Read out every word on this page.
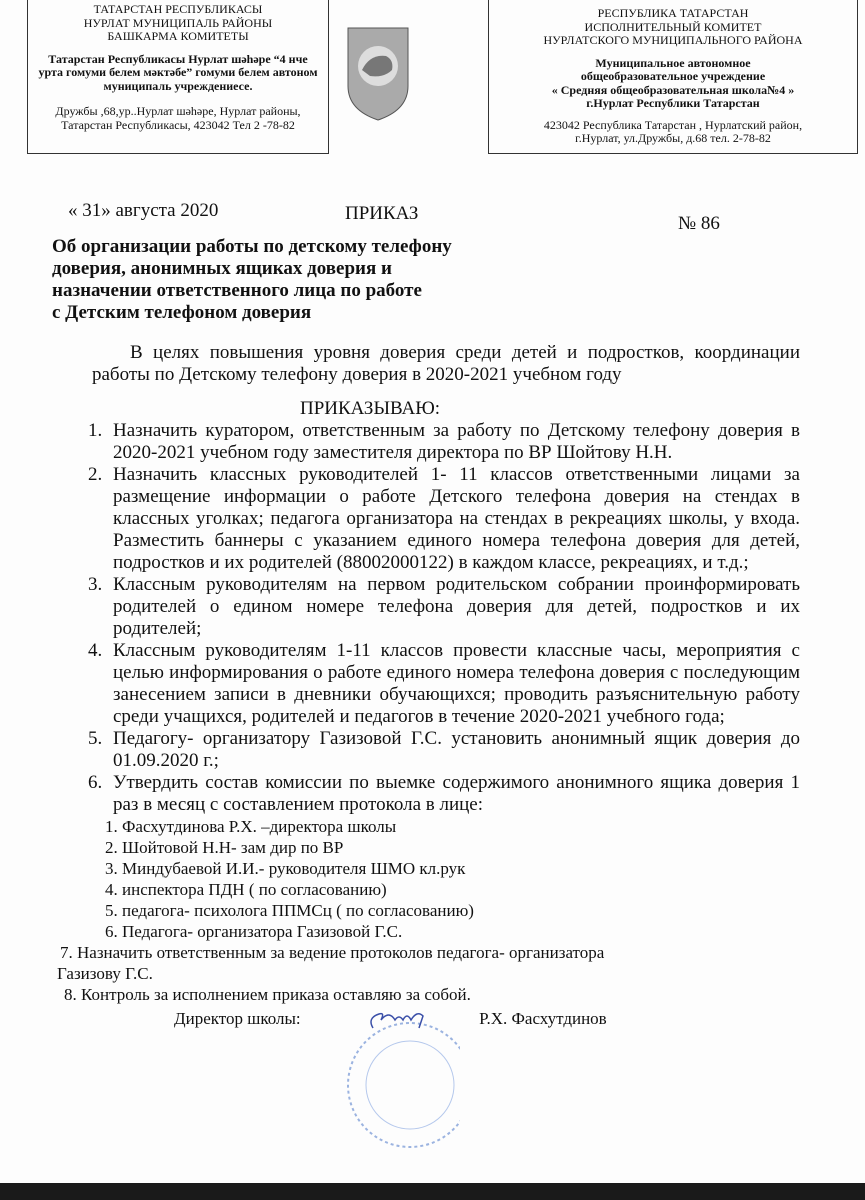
ТАТАРСТАН РЕСПУБЛИКАСЫ

НУРЛАТ МУНИЦИПАЛЬ РАЙОНЫ

БАШКАРМА КОМИТЕТЫ

Татарстан Республикасы Нурлат шәһәре “4 нче урта гомуми белем мәктәбе” гомуми белем автоном муниципаль учреждениесе.

Дружбы ,68,ур..Нурлат шәһәре, Нурлат районы,

Татарстан Республикасы, 423042 Тел 2 -78-82

РЕСПУБЛИКА ТАТАРСТАН

ИСПОЛНИТЕЛЬНЫЙ КОМИТЕТ

НУРЛАТСКОГО МУНИЦИПАЛЬНОГО РАЙОНА

Муниципальное автономное

общеобразовательное учреждение

« Средняя общеобразовательная школа№4 »

г.Нурлат Республики Татарстан

423042 Республика Татарстан , Нурлатский район,

г.Нурлат, ул.Дружбы, д.68 тел. 2-78-82

« 31» августа 2020	ПРИКАЗ	№ 86
Об организации работы по детскому телефону
доверия, анонимных ящиках доверия и
назначении ответственного лица по работе
с Детским телефоном доверия
В целях повышения уровня доверия среди детей и подростков, координации работы по Детскому телефону доверия в 2020-2021 учебном году
ПРИКАЗЫВАЮ:
1. Назначить куратором, ответственным за работу по Детскому телефону доверия в 2020-2021 учебном году заместителя директора по ВР Шойтову Н.Н.
2. Назначить классных руководителей 1- 11 классов ответственными лицами за размещение информации о работе Детского телефона доверия на стендах в классных уголках; педагога организатора на стендах в рекреациях школы, у входа. Разместить баннеры с указанием единого номера телефона доверия для детей, подростков и их родителей (88002000122) в каждом классе, рекреациях, и т.д.;
3. Классным руководителям на первом родительском собрании проинформировать родителей о едином номере телефона доверия для детей, подростков и их родителей;
4. Классным руководителям 1-11 классов провести классные часы, мероприятия с целью информирования о работе единого номера телефона доверия с последующим занесением записи в дневники обучающихся; проводить разъяснительную работу среди учащихся, родителей и педагогов в течение 2020-2021 учебного года;
5. Педагогу- организатору Газизовой Г.С. установить анонимный ящик доверия до 01.09.2020 г.;
6. Утвердить состав комиссии по выемке содержимого анонимного ящика доверия 1 раз в месяц с составлением протокола в лице:
1. Фасхутдинова Р.Х. –директора школы
2. Шойтовой Н.Н- зам дир по ВР
3. Миндубаевой И.И.- руководителя ШМО кл.рук
4. инспектора ПДН ( по согласованию)
5. педагога- психолога ППМСц ( по согласованию)
6. Педагога- организатора Газизовой Г.С.
7. Назначить ответственным за ведение протоколов педагога- организатора
Газизову Г.С.
8. Контроль за исполнением приказа оставляю за собой.
Директор школы:	Р.Х. Фасхутдинов
